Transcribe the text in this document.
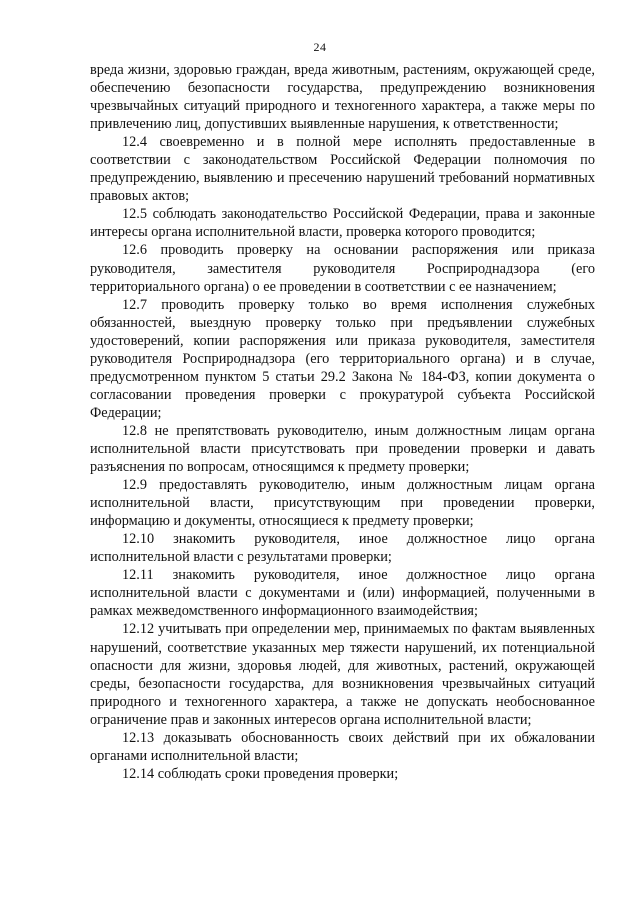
24

вреда жизни, здоровью граждан, вреда животным, растениям, окружающей среде, обеспечению безопасности государства, предупреждению возникновения чрезвычайных ситуаций природного и техногенного характера, а также меры по привлечению лиц, допустивших выявленные нарушения, к ответственности;

12.4 своевременно и в полной мере исполнять предоставленные в соответствии с законодательством Российской Федерации полномочия по предупреждению, выявлению и пресечению нарушений требований нормативных правовых актов;

12.5 соблюдать законодательство Российской Федерации, права и законные интересы органа исполнительной власти, проверка которого проводится;

12.6 проводить проверку на основании распоряжения или приказа руководителя, заместителя руководителя Росприроднадзора (его территориального органа) о ее проведении в соответствии с ее назначением;

12.7 проводить проверку только во время исполнения служебных обязанностей, выездную проверку только при предъявлении служебных удостоверений, копии распоряжения или приказа руководителя, заместителя руководителя Росприроднадзора (его территориального органа) и в случае, предусмотренном пунктом 5 статьи 29.2 Закона № 184-ФЗ, копии документа о согласовании проведения проверки с прокуратурой субъекта Российской Федерации;

12.8 не препятствовать руководителю, иным должностным лицам органа исполнительной власти присутствовать при проведении проверки и давать разъяснения по вопросам, относящимся к предмету проверки;

12.9 предоставлять руководителю, иным должностным лицам органа исполнительной власти, присутствующим при проведении проверки, информацию и документы, относящиеся к предмету проверки;

12.10 знакомить руководителя, иное должностное лицо органа исполнительной власти с результатами проверки;

12.11 знакомить руководителя, иное должностное лицо органа исполнительной власти с документами и (или) информацией, полученными в рамках межведомственного информационного взаимодействия;

12.12 учитывать при определении мер, принимаемых по фактам выявленных нарушений, соответствие указанных мер тяжести нарушений, их потенциальной опасности для жизни, здоровья людей, для животных, растений, окружающей среды, безопасности государства, для возникновения чрезвычайных ситуаций природного и техногенного характера, а также не допускать необоснованное ограничение прав и законных интересов органа исполнительной власти;

12.13 доказывать обоснованность своих действий при их обжаловании органами исполнительной власти;

12.14 соблюдать сроки проведения проверки;
